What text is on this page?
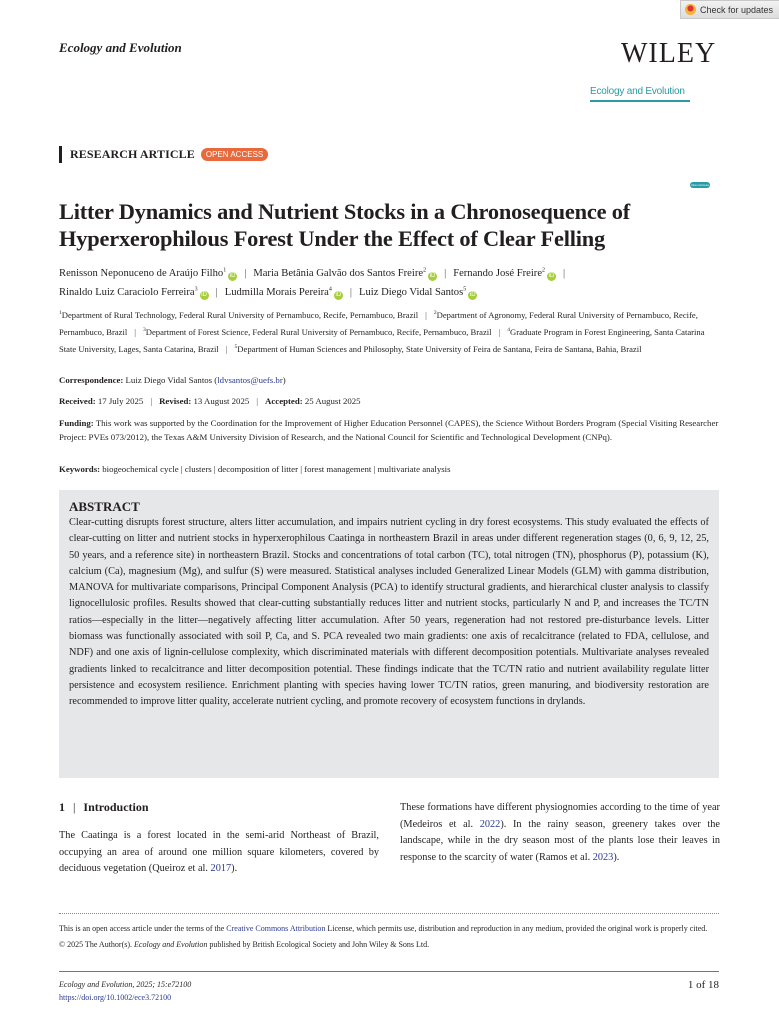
Check for updates
Ecology and Evolution	WILEY
Ecology and Evolution
Open Access
RESEARCH ARTICLE	OPEN ACCESS
Litter Dynamics and Nutrient Stocks in a Chronosequence of Hyperxerophilous Forest Under the Effect of Clear Felling
Renisson Neponuceno de Araújo Filho$^1$iD | Maria Betânia Galvão dos Santos Freire$^2$iD | Fernando José Freire$^2$iD |
Rinaldo Luiz Caraciolo Ferreira$^3$iD | Ludmilla Morais Pereira$^4$iD | Luiz Diego Vidal Santos$^5$iD
$^1$Department of Rural Technology, Federal Rural University of Pernambuco, Recife, Pernambuco, Brazil | $^2$Department of Agronomy, Federal Rural University of Pernambuco, Recife, Pernambuco, Brazil | $^3$Department of Forest Science, Federal Rural University of Pernambuco, Recife, Pernambuco, Brazil | $^4$Graduate Program in Forest Engineering, Santa Catarina State University, Lages, Santa Catarina, Brazil | $^5$Department of Human Sciences and Philosophy, State University of Feira de Santana, Feira de Santana, Bahia, Brazil
Correspondence: Luiz Diego Vidal Santos (ldvsantos@uefs.br)
Received: 17 July 2025 | Revised: 13 August 2025 | Accepted: 25 August 2025
Funding: This work was supported by the Coordination for the Improvement of Higher Education Personnel (CAPES), the Science Without Borders Program (Special Visiting Researcher Project: PVEs 073/2012), the Texas A&M University Division of Research, and the National Council for Scientific and Technological Development (CNPq).
Keywords: biogeochemical cycle | clusters | decomposition of litter | forest management | multivariate analysis
ABSTRACT

Clear-cutting disrupts forest structure, alters litter accumulation, and impairs nutrient cycling in dry forest ecosystems. This study evaluated the effects of clear-cutting on litter and nutrient stocks in hyperxerophilous Caatinga in northeastern Brazil in areas under different regeneration stages (0, 6, 9, 12, 25, 50 years, and a reference site) in northeastern Brazil. Stocks and concentrations of total carbon (TC), total nitrogen (TN), phosphorus (P), potassium (K), calcium (Ca), magnesium (Mg), and sulfur (S) were measured. Statistical analyses included Generalized Linear Models (GLM) with gamma distribution, MANOVA for multivariate comparisons, Principal Component Analysis (PCA) to identify structural gradients, and hierarchical cluster analysis to classify lignocellulosic profiles. Results showed that clear-cutting substantially reduces litter and nutrient stocks, particularly N and P, and increases the TC/TN ratios—especially in the litter—negatively affecting litter accumulation. After 50 years, regeneration had not restored pre-disturbance levels. Litter biomass was functionally associated with soil P, Ca, and S. PCA revealed two main gradients: one axis of recalcitrance (related to FDA, cellulose, and NDF) and one axis of lignin-cellulose complexity, which discriminated materials with different decomposition potentials. Multivariate analyses revealed gradients linked to recalcitrance and litter decomposition potential. These findings indicate that the TC/TN ratio and nutrient availability regulate litter persistence and ecosystem resilience. Enrichment planting with species having lower TC/TN ratios, green manuring, and biodiversity restoration are recommended to improve litter quality, accelerate nutrient cycling, and promote recovery of ecosystem functions in drylands.

1 | Introduction
The Caatinga is a forest located in the semi-arid Northeast of Brazil, occupying an area of around one million square kilometers, covered by deciduous vegetation (Queiroz et al. 2017).
These formations have different physiognomies according to the time of year (Medeiros et al. 2022). In the rainy season, greenery takes over the landscape, while in the dry season most of the plants lose their leaves in response to the scarcity of water (Ramos et al. 2023).
This is an open access article under the terms of the Creative Commons Attribution License, which permits use, distribution and reproduction in any medium, provided the original work is properly cited.
© 2025 The Author(s). Ecology and Evolution published by British Ecological Society and John Wiley & Sons Ltd.
Ecology and Evolution, 2025; 15:e72100
https://doi.org/10.1002/ece3.72100
1 of 18
